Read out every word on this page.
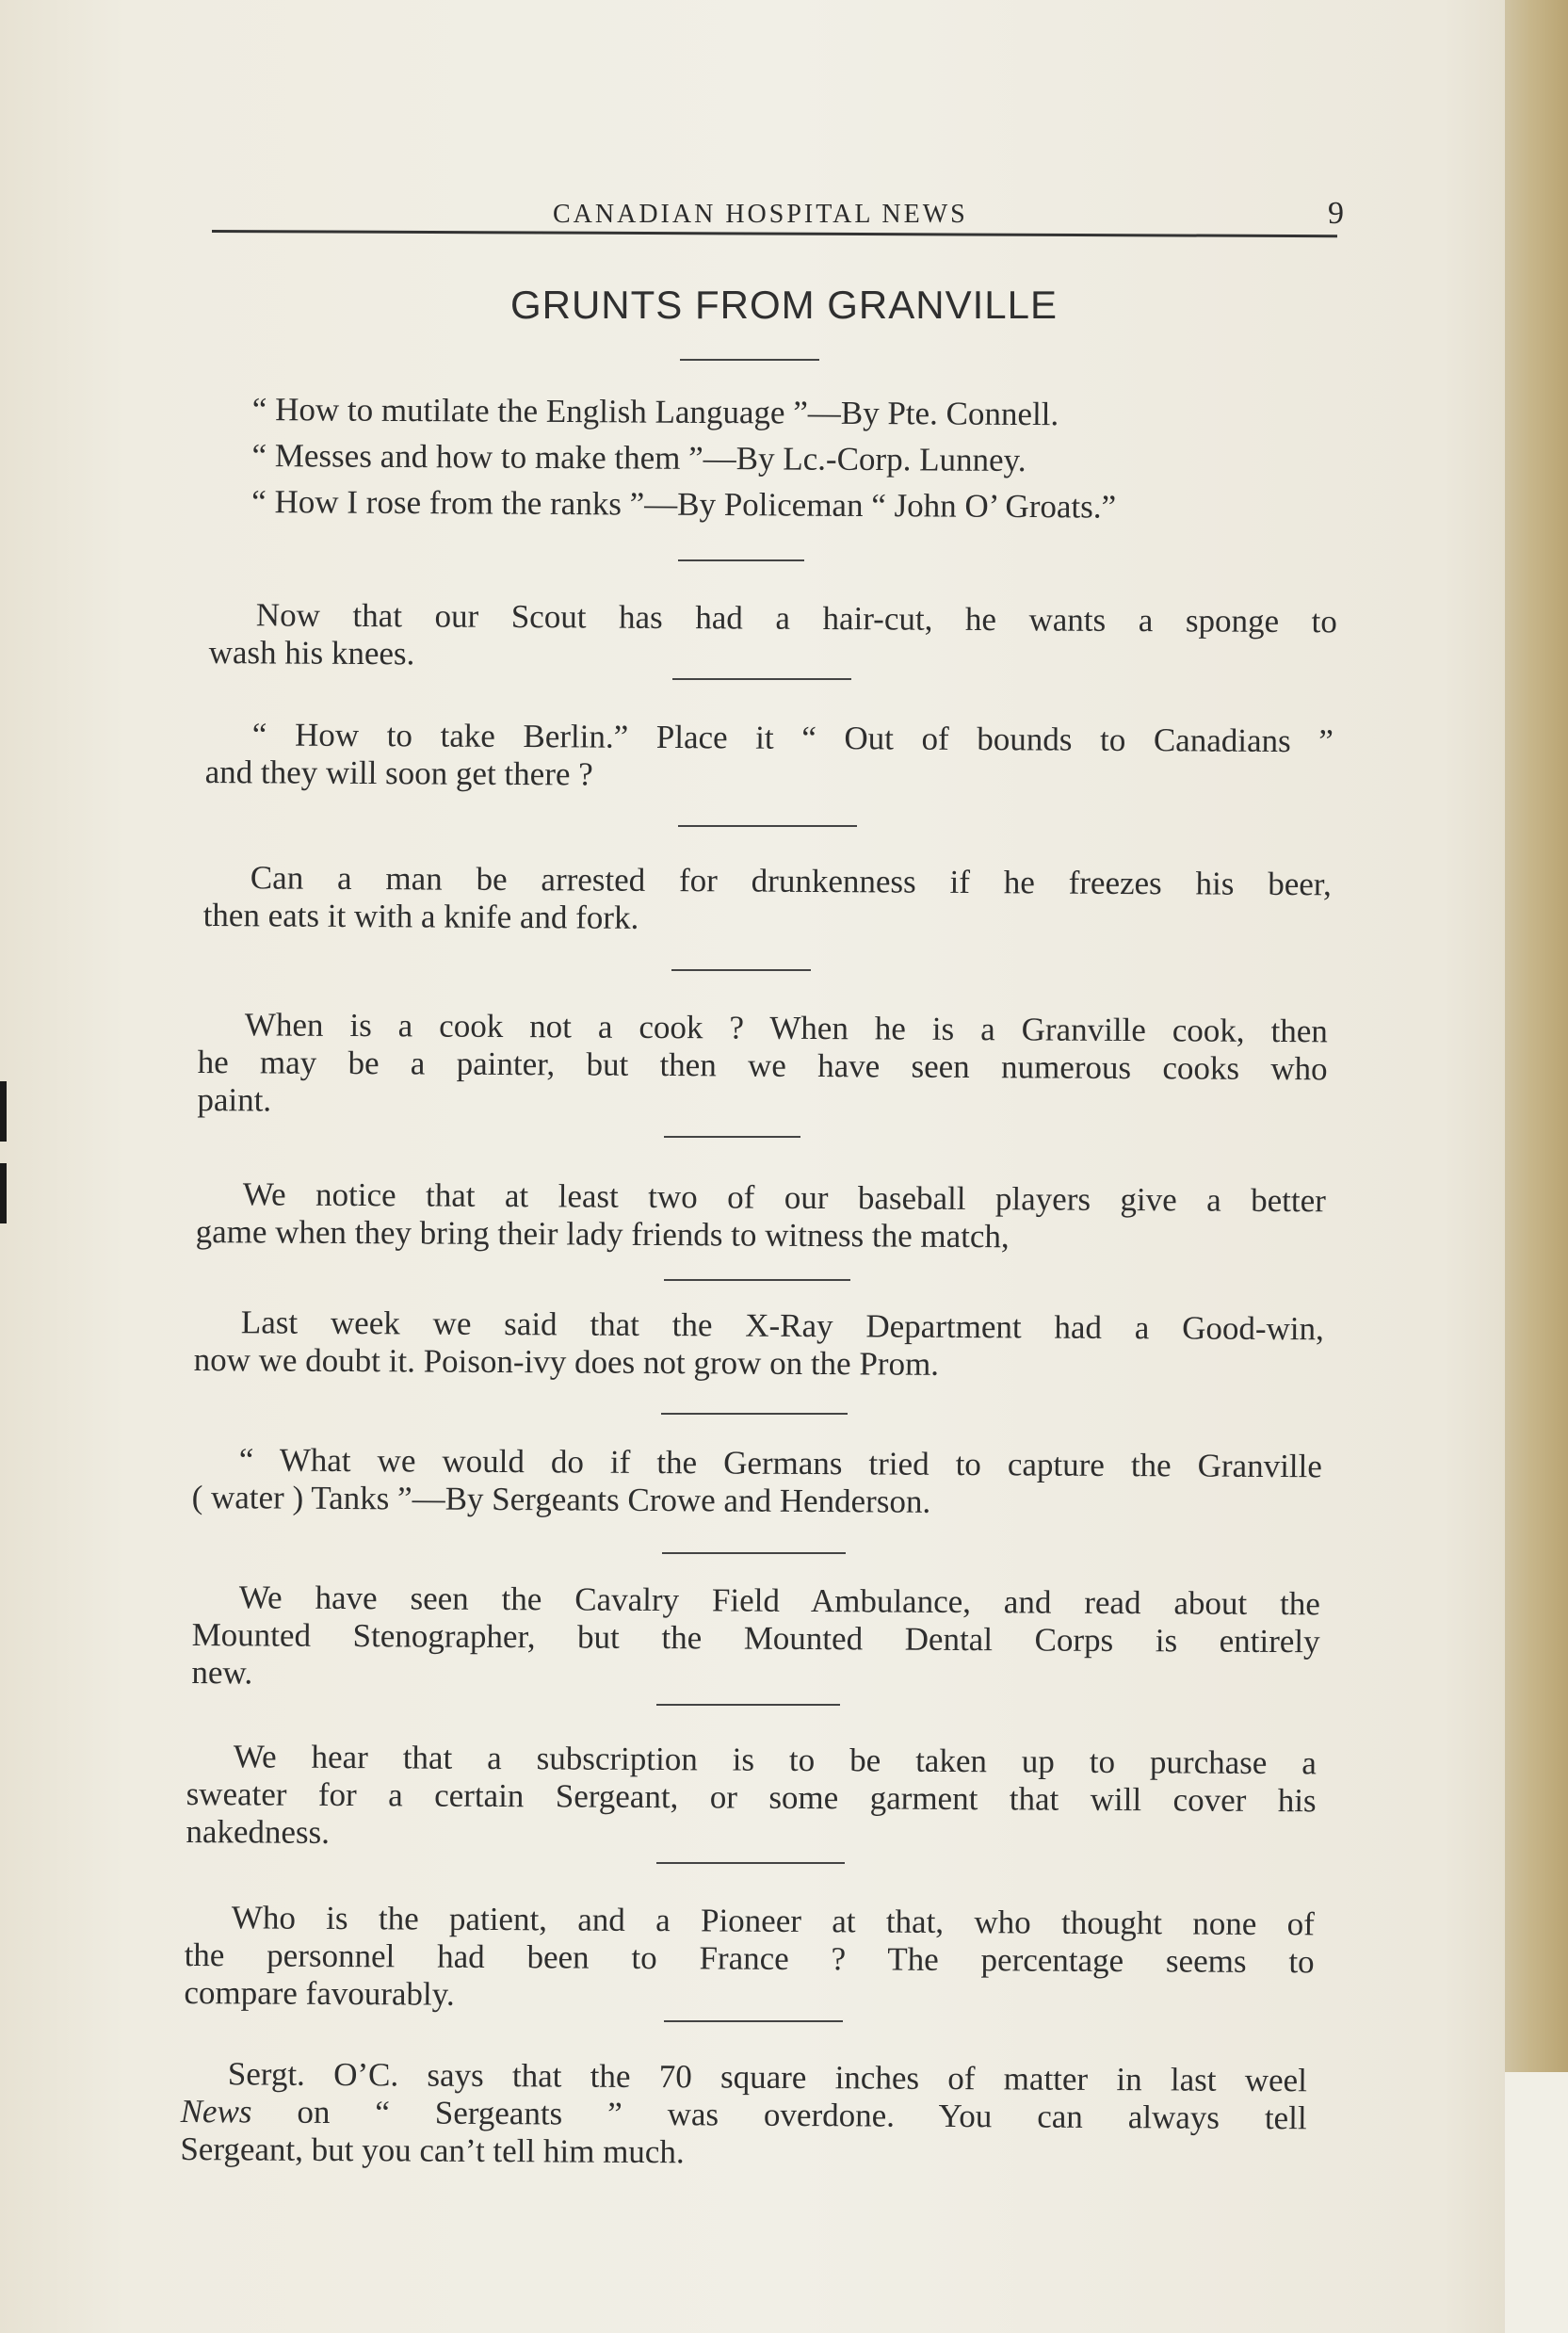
CANADIAN HOSPITAL NEWS	9
GRUNTS FROM GRANVILLE
“ How to mutilate the English Language ”—By Pte. Connell.
“ Messes and how to make them ”—By Lc.-Corp. Lunney.
“ How I rose from the ranks ”—By Policeman “ John O’ Groats.”
Now that our Scout has had a hair-cut, he wants a sponge to
wash his knees.
“ How to take Berlin.” Place it “ Out of bounds to Canadians ”
and they will soon get there ?
Can a man be arrested for drunkenness if he freezes his beer,
then eats it with a knife and fork.
When is a cook not a cook ? When he is a Granville cook, then
he may be a painter, but then we have seen numerous cooks who
paint.
We notice that at least two of our baseball players give a better
game when they bring their lady friends to witness the match,
Last week we said that the X-Ray Department had a Good-win,
now we doubt it. Poison-ivy does not grow on the Prom.
“ What we would do if the Germans tried to capture the Granville
( water ) Tanks ”—By Sergeants Crowe and Henderson.
We have seen the Cavalry Field Ambulance, and read about the
Mounted Stenographer, but the Mounted Dental Corps is entirely
new.
We hear that a subscription is to be taken up to purchase a
sweater for a certain Sergeant, or some garment that will cover his
nakedness.
Who is the patient, and a Pioneer at that, who thought none of
the personnel had been to France ? The percentage seems to
compare favourably.
Sergt. O’C. says that the 70 square inches of matter in last weel
News on “ Sergeants ” was overdone. You can always tell
Sergeant, but you can’t tell him much.
